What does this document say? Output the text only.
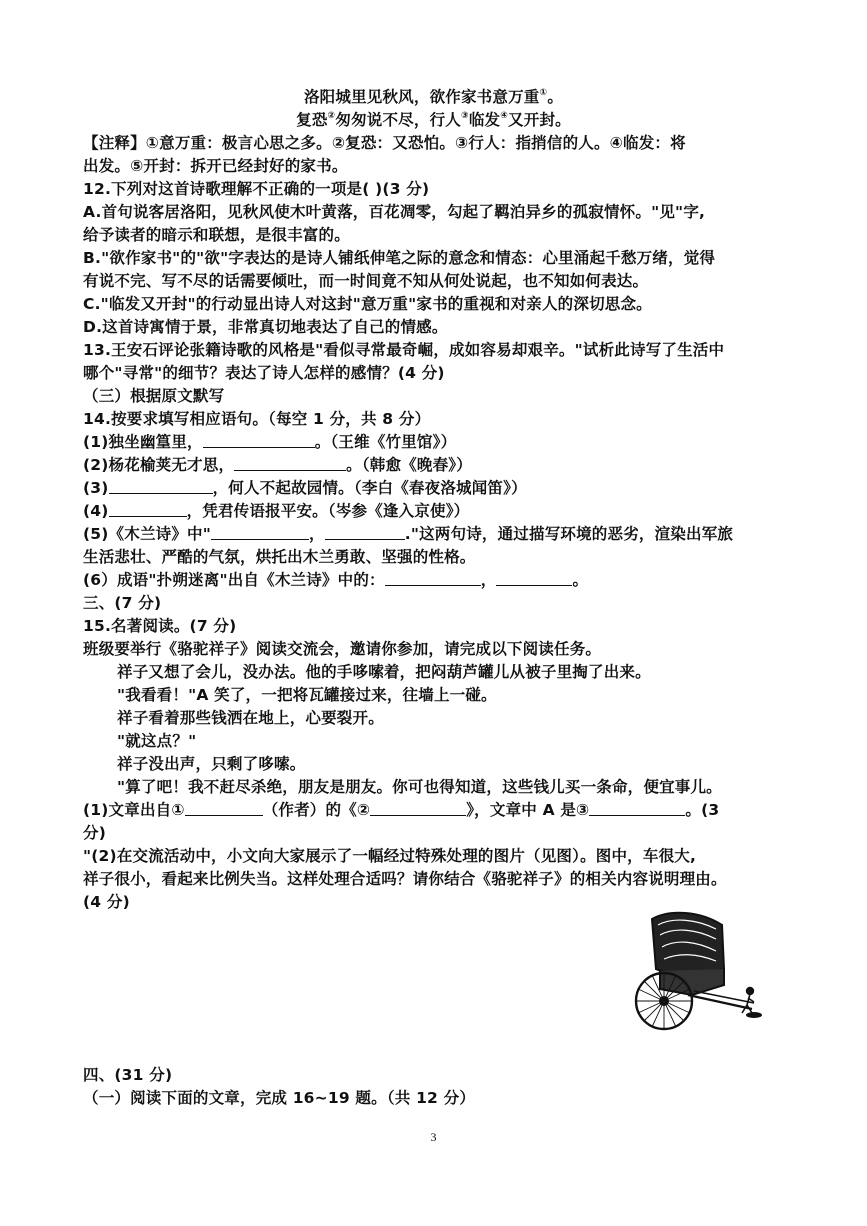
洛阳城里见秋风，欲作家书意万重①。
复恐②匆匆说不尽，行人③临发④又开封。
【注释】①意万重：极言心思之多。②复恐：又恐怕。③行人：指捎信的人。④临发：将
出发。⑤开封：拆开已经封好的家书。
12.下列对这首诗歌理解不正确的一项是( )(3 分)
A.首句说客居洛阳，见秋风使木叶黄落，百花凋零，勾起了羁泊异乡的孤寂情怀。"见"字,
给予读者的暗示和联想，是很丰富的。
B."欲作家书"的"欲"字表达的是诗人铺纸伸笔之际的意念和情态：心里涌起千愁万绪，觉得
有说不完、写不尽的话需要倾吐，而一时间竟不知从何处说起，也不知如何表达。
C."临发又开封"的行动显出诗人对这封"意万重"家书的重视和对亲人的深切思念。
D.这首诗寓情于景，非常真切地表达了自己的情感。
13.王安石评论张籍诗歌的风格是"看似寻常最奇崛，成如容易却艰辛。"试析此诗写了生活中
哪个"寻常"的细节？表达了诗人怎样的感情？(4 分)
（三）根据原文默写
14.按要求填写相应语句。（每空 1 分，共 8 分）
(1)独坐幽篁里，	。（王维《竹里馆》）
(2)杨花榆荚无才思，	。（韩愈《晚春》）
(3)	，何人不起故园情。（李白《春夜洛城闻笛》）
(4)	，凭君传语报平安。（岑参《逢入京使》）
(5)《木兰诗》中"	，	."这两句诗，通过描写环境的恶劣，渲染出军旅
生活悲壮、严酷的气氛，烘托出木兰勇敢、坚强的性格。
(6）成语"扑朔迷离"出自《木兰诗》中的：	，	。
三、(7 分)
15.名著阅读。(7 分)
班级要举行《骆驼祥子》阅读交流会，邀请你参加，请完成以下阅读任务。
祥子又想了会儿，没办法。他的手哆嗦着，把闷葫芦罐儿从被子里掏了出来。
"我看看！"A 笑了，一把将瓦罐接过来，往墙上一碰。
祥子看着那些钱洒在地上，心要裂开。
"就这点？"
祥子没出声，只剩了哆嗦。
"算了吧！我不赶尽杀绝，朋友是朋友。你可也得知道，这些钱儿买一条命，便宜事儿。
(1)文章出自①	（作者）的《②	》，文章中 A 是③	。(3
分)
"(2)在交流活动中，小文向大家展示了一幅经过特殊处理的图片（见图）。图中，车很大,
祥子很小，看起来比例失当。这样处理合适吗？请你结合《骆驼祥子》的相关内容说明理由。
(4 分)
四、(31 分)
（一）阅读下面的文章，完成 16~19 题。（共 12 分）
3
